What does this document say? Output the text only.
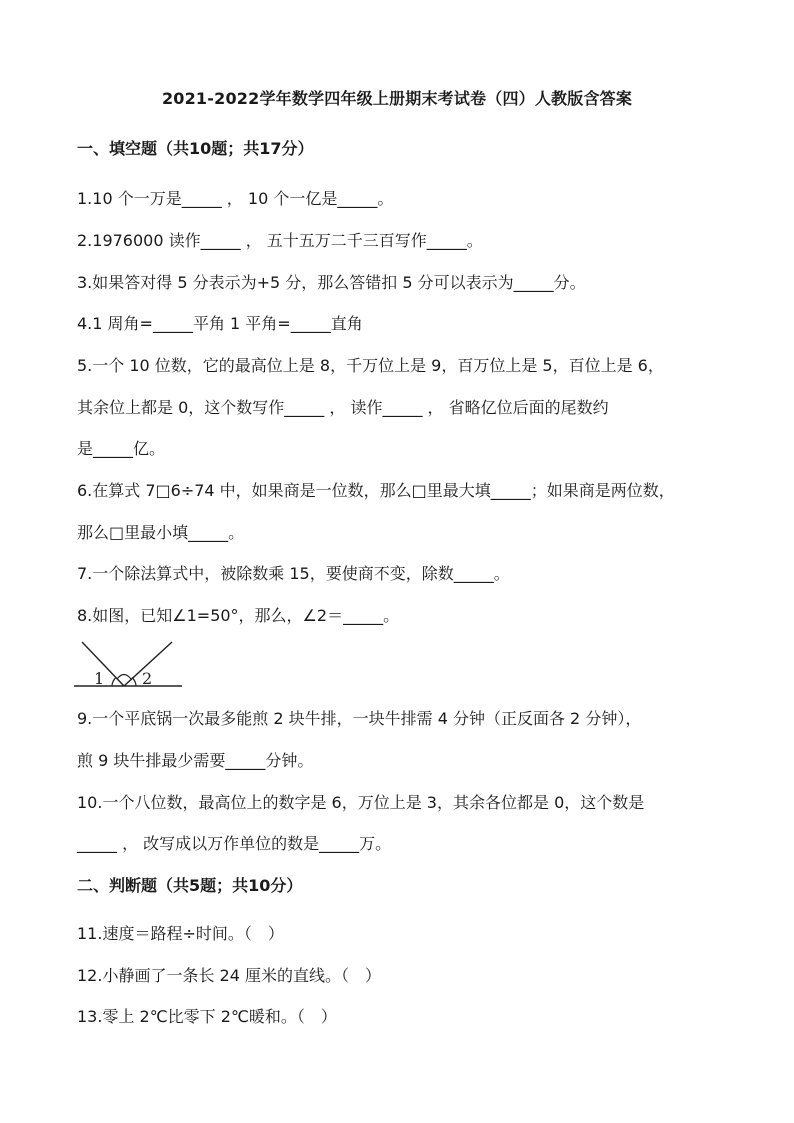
2021-2022学年数学四年级上册期末考试卷（四）人教版含答案
一、填空题（共10题；共17分）
1.10 个一万是_____ ， 10 个一亿是_____。
2.1976000 读作_____ ， 五十五万二千三百写作_____。
3.如果答对得 5 分表示为+5 分，那么答错扣 5 分可以表示为_____分。
4.1 周角=_____平角 1 平角=_____直角
5.一个 10 位数，它的最高位上是 8，千万位上是 9，百万位上是 5，百位上是 6，
其余位上都是 0，这个数写作_____ ， 读作_____ ， 省略亿位后面的尾数约
是_____亿。
6.在算式 7□6÷74 中，如果商是一位数，那么□里最大填_____；如果商是两位数，
那么□里最小填_____。
7.一个除法算式中，被除数乘 15，要使商不变，除数_____。
8.如图，已知∠1=50°，那么，∠2＝_____。
1 2
9.一个平底锅一次最多能煎 2 块牛排，一块牛排需 4 分钟（正反面各 2 分钟），
煎 9 块牛排最少需要_____分钟。
10.一个八位数，最高位上的数字是 6，万位上是 3，其余各位都是 0，这个数是
_____ ， 改写成以万作单位的数是_____万。
二、判断题（共5题；共10分）
11.速度＝路程÷时间。（　）
12.小静画了一条长 24 厘米的直线。（　）
13.零上 2℃比零下 2℃暖和。（　）
